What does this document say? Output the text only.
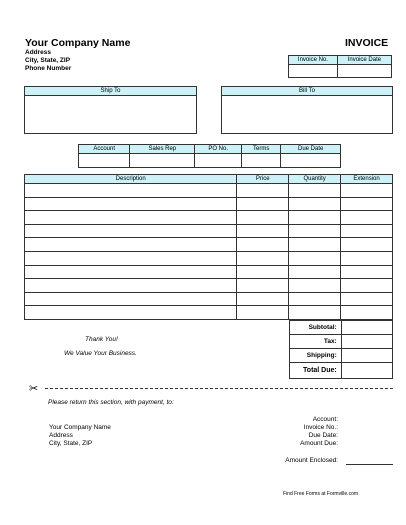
Your Company Name
Address
City, State, ZIP
Phone Number
INVOICE
Invoice No.	Invoice Date

Ship To	Bill To
Account	Sales Rep	PO No.	Terms	Due Date

Description	Price	Quantity	Extension

Subtotal:	
Tax:	
Shipping:	
Total Due:	
Thank You!
We Value Your Business.
✂
Please return this section, with payment, to:
Your Company Name
Address
City, State, ZIP
Account:
Invoice No.:
Due Date:
Amount Due:
Amount Enclosed:
Find Free Forms at Formville.com
